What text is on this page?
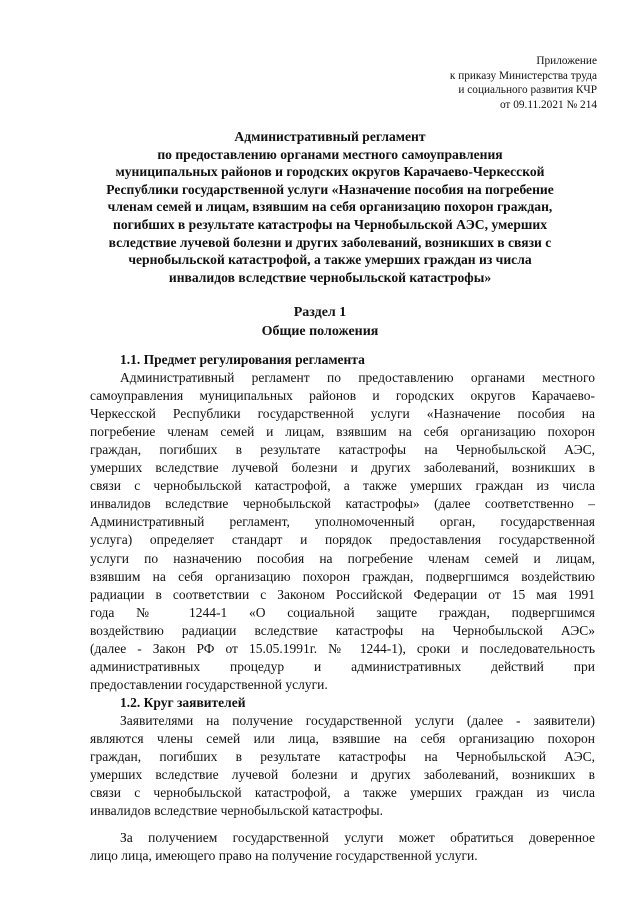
Приложение
к приказу Министерства труда
и социального развития КЧР
от 09.11.2021 № 214
Административный регламент
по предоставлению органами местного самоуправления
муниципальных районов и городских округов Карачаево-Черкесской
Республики государственной услуги «Назначение пособия на погребение
членам семей и лицам, взявшим на себя организацию похорон граждан,
погибших в результате катастрофы на Чернобыльской АЭС, умерших
вследствие лучевой болезни и других заболеваний, возникших в связи с
чернобыльской катастрофой, а также умерших граждан из числа
инвалидов вследствие чернобыльской катастрофы»
Раздел 1
Общие положения
1.1. Предмет регулирования регламента
Административный регламент по предоставлению органами местного
самоуправления муниципальных районов и городских округов Карачаево-
Черкесской Республики государственной услуги «Назначение пособия на
погребение членам семей и лицам, взявшим на себя организацию похорон
граждан, погибших в результате катастрофы на Чернобыльской АЭС,
умерших вследствие лучевой болезни и других заболеваний, возникших в
связи с чернобыльской катастрофой, а также умерших граждан из числа
инвалидов вследствие чернобыльской катастрофы» (далее соответственно –
Административный регламент, уполномоченный орган, государственная
услуга) определяет стандарт и порядок предоставления государственной
услуги по назначению пособия на погребение членам семей и лицам,
взявшим на себя организацию похорон граждан, подвергшимся воздействию
радиации в соответствии с Законом Российской Федерации от 15 мая 1991
года № 1244-1 «О социальной защите граждан, подвергшимся
воздействию радиации вследствие катастрофы на Чернобыльской АЭС»
(далее - Закон РФ от 15.05.1991г. № 1244-1), сроки и последовательность
административных процедур и административных действий при
предоставлении государственной услуги.
1.2. Круг заявителей
Заявителями на получение государственной услуги (далее - заявители)
являются члены семей или лица, взявшие на себя организацию похорон
граждан, погибших в результате катастрофы на Чернобыльской АЭС,
умерших вследствие лучевой болезни и других заболеваний, возникших в
связи с чернобыльской катастрофой, а также умерших граждан из числа
инвалидов вследствие чернобыльской катастрофы.
За получением государственной услуги может обратиться доверенное
лицо лица, имеющего право на получение государственной услуги.
